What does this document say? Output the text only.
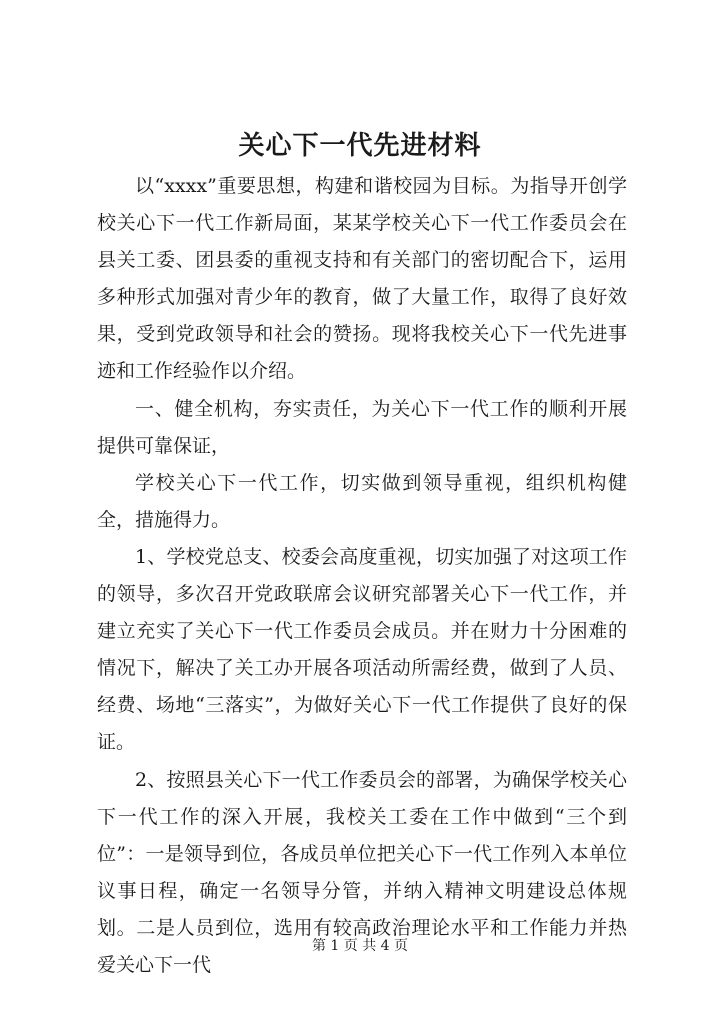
关心下一代先进材料

以“xxxx”重要思想，构建和谐校园为目标。为指导开创学校关心下一代工作新局面，某某学校关心下一代工作委员会在县关工委、团县委的重视支持和有关部门的密切配合下，运用多种形式加强对青少年的教育，做了大量工作，取得了良好效果，受到党政领导和社会的赞扬。现将我校关心下一代先进事迹和工作经验作以介绍。

一、健全机构，夯实责任，为关心下一代工作的顺利开展提供可靠保证，

学校关心下一代工作，切实做到领导重视，组织机构健全，措施得力。

1、学校党总支、校委会高度重视，切实加强了对这项工作的领导，多次召开党政联席会议研究部署关心下一代工作，并建立充实了关心下一代工作委员会成员。并在财力十分困难的情况下，解决了关工办开展各项活动所需经费，做到了人员、经费、场地“三落实”，为做好关心下一代工作提供了良好的保证。

2、按照县关心下一代工作委员会的部署，为确保学校关心下一代工作的深入开展，我校关工委在工作中做到“三个到位”：一是领导到位，各成员单位把关心下一代工作列入本单位议事日程，确定一名领导分管，并纳入精神文明建设总体规划。二是人员到位，选用有较高政治理论水平和工作能力并热爱关心下一代

第 1 页 共 4 页
